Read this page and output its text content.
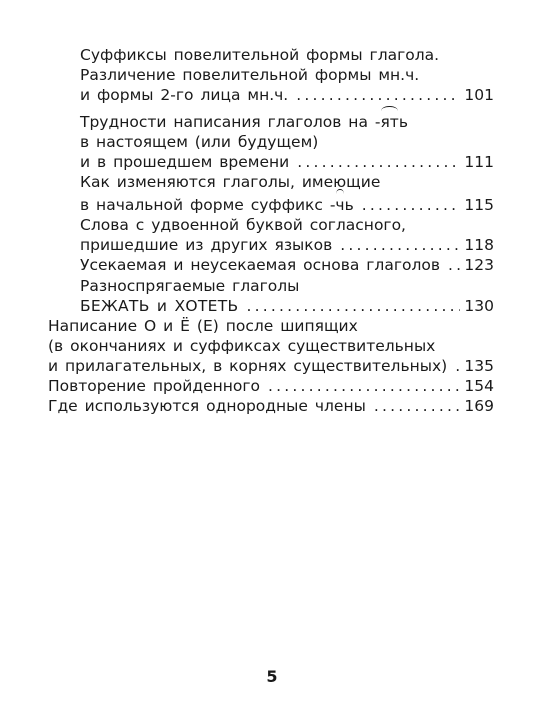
Суффиксы повелительной формы глагола.
Различение повелительной формы мн.ч.
и формы 2-го лица мн.ч. .....	101
Трудности написания глаголов на -ять
в настоящем (или будущем)
и в прошедшем времени .....	111
Как изменяются глаголы, имеющие
в начальной форме суффикс -чь .....	115
Слова с удвоенной буквой согласного,
пришедшие из других языков .....	118
Усекаемая и неусекаемая основа глаголов ..... 123
Разноспрягаемые глаголы
БЕЖАТЬ и ХОТЕТЬ .....	130
Написание О и Ё (Е) после шипящих
(в окончаниях и суффиксах существительных
и прилагательных, в корнях существительных) ..... 135
Повторение пройденного .....	154
Где используются однородные члены .....	169
5
